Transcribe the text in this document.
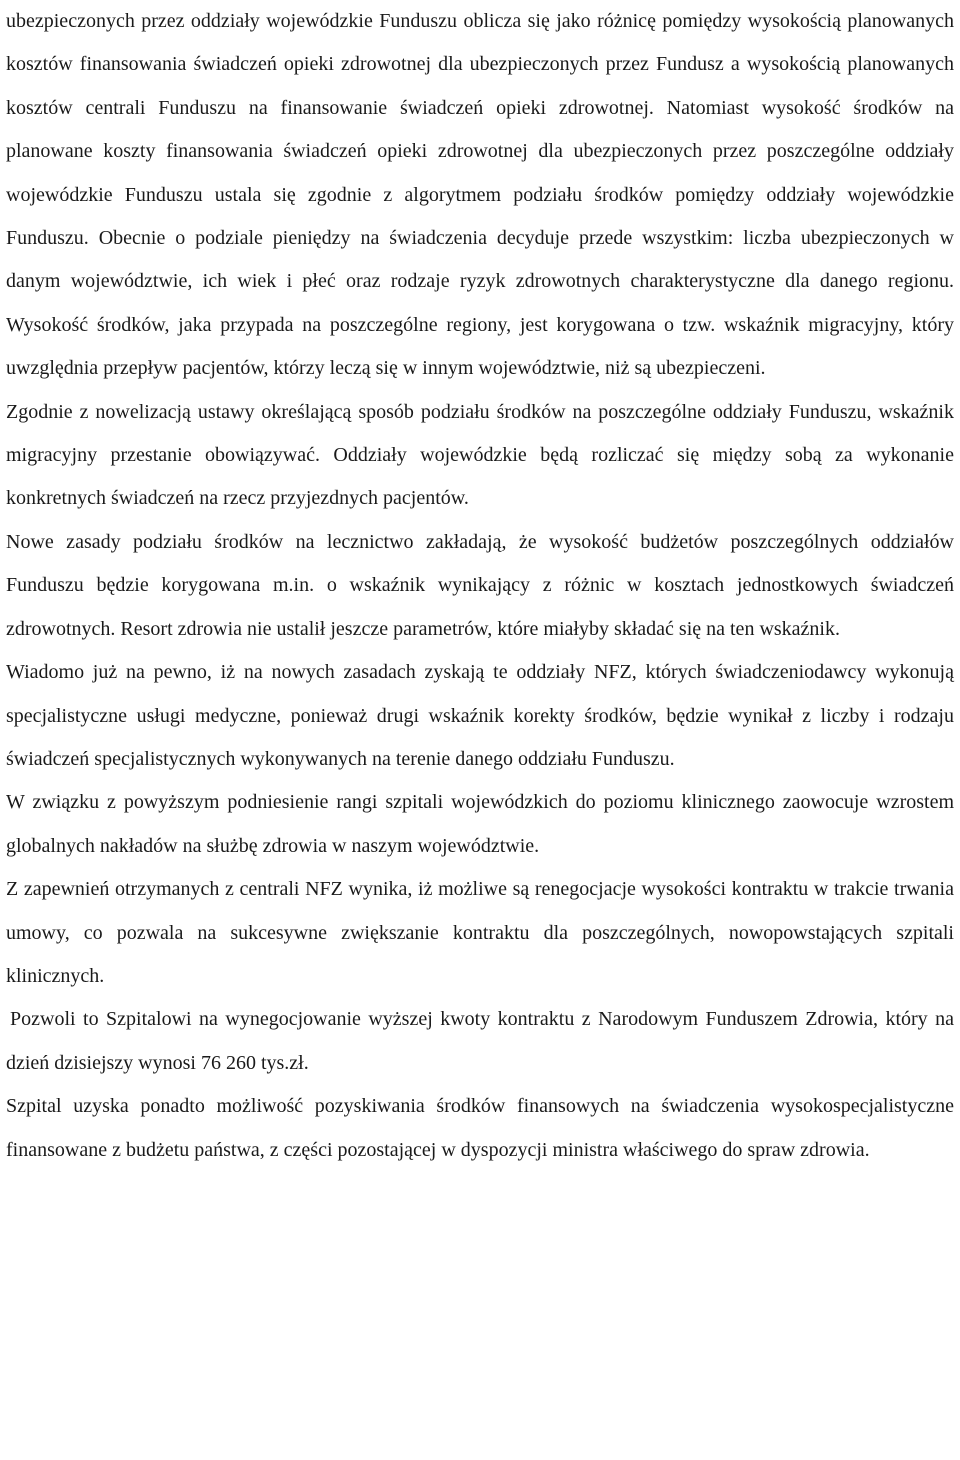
ubezpieczonych przez oddziały wojewódzkie Funduszu oblicza się jako różnicę pomiędzy wysokością planowanych kosztów finansowania świadczeń opieki zdrowotnej dla ubezpieczonych przez Fundusz a wysokością planowanych kosztów centrali Funduszu na finansowanie świadczeń opieki zdrowotnej. Natomiast wysokość środków na planowane koszty finansowania świadczeń opieki zdrowotnej dla ubezpieczonych przez poszczególne oddziały wojewódzkie Funduszu ustala się zgodnie z algorytmem podziału środków pomiędzy oddziały wojewódzkie Funduszu. Obecnie o podziale pieniędzy na świadczenia decyduje przede wszystkim: liczba ubezpieczonych w danym województwie, ich wiek i płeć oraz rodzaje ryzyk zdrowotnych charakterystyczne dla danego regionu. Wysokość środków, jaka przypada na poszczególne regiony, jest korygowana o tzw. wskaźnik migracyjny, który uwzględnia przepływ pacjentów, którzy leczą się w innym województwie, niż są ubezpieczeni.

Zgodnie z nowelizacją ustawy określającą sposób podziału środków na poszczególne oddziały Funduszu, wskaźnik migracyjny przestanie obowiązywać. Oddziały wojewódzkie będą rozliczać się między sobą za wykonanie konkretnych świadczeń na rzecz przyjezdnych pacjentów.

Nowe zasady podziału środków na lecznictwo zakładają, że wysokość budżetów poszczególnych oddziałów Funduszu będzie korygowana m.in. o wskaźnik wynikający z różnic w kosztach jednostkowych świadczeń zdrowotnych. Resort zdrowia nie ustalił jeszcze parametrów, które miałyby składać się na ten wskaźnik.

Wiadomo już na pewno, iż na nowych zasadach zyskają te oddziały NFZ, których świadczeniodawcy wykonują specjalistyczne usługi medyczne, ponieważ drugi wskaźnik korekty środków, będzie wynikał z liczby i rodzaju świadczeń specjalistycznych wykonywanych na terenie danego oddziału Funduszu.

W związku z powyższym podniesienie rangi szpitali wojewódzkich do poziomu klinicznego zaowocuje wzrostem globalnych nakładów na służbę zdrowia w naszym województwie.

Z zapewnień otrzymanych z centrali NFZ wynika, iż możliwe są renegocjacje wysokości kontraktu w trakcie trwania umowy, co pozwala na sukcesywne zwiększanie kontraktu dla poszczególnych, nowopowstających szpitali klinicznych.

Pozwoli to Szpitalowi na wynegocjowanie wyższej kwoty kontraktu z Narodowym Funduszem Zdrowia, który na dzień dzisiejszy wynosi 76 260 tys.zł.

Szpital uzyska ponadto możliwość pozyskiwania środków finansowych na świadczenia wysokospecjalistyczne finansowane z budżetu państwa, z części pozostającej w dyspozycji ministra właściwego do spraw zdrowia.
